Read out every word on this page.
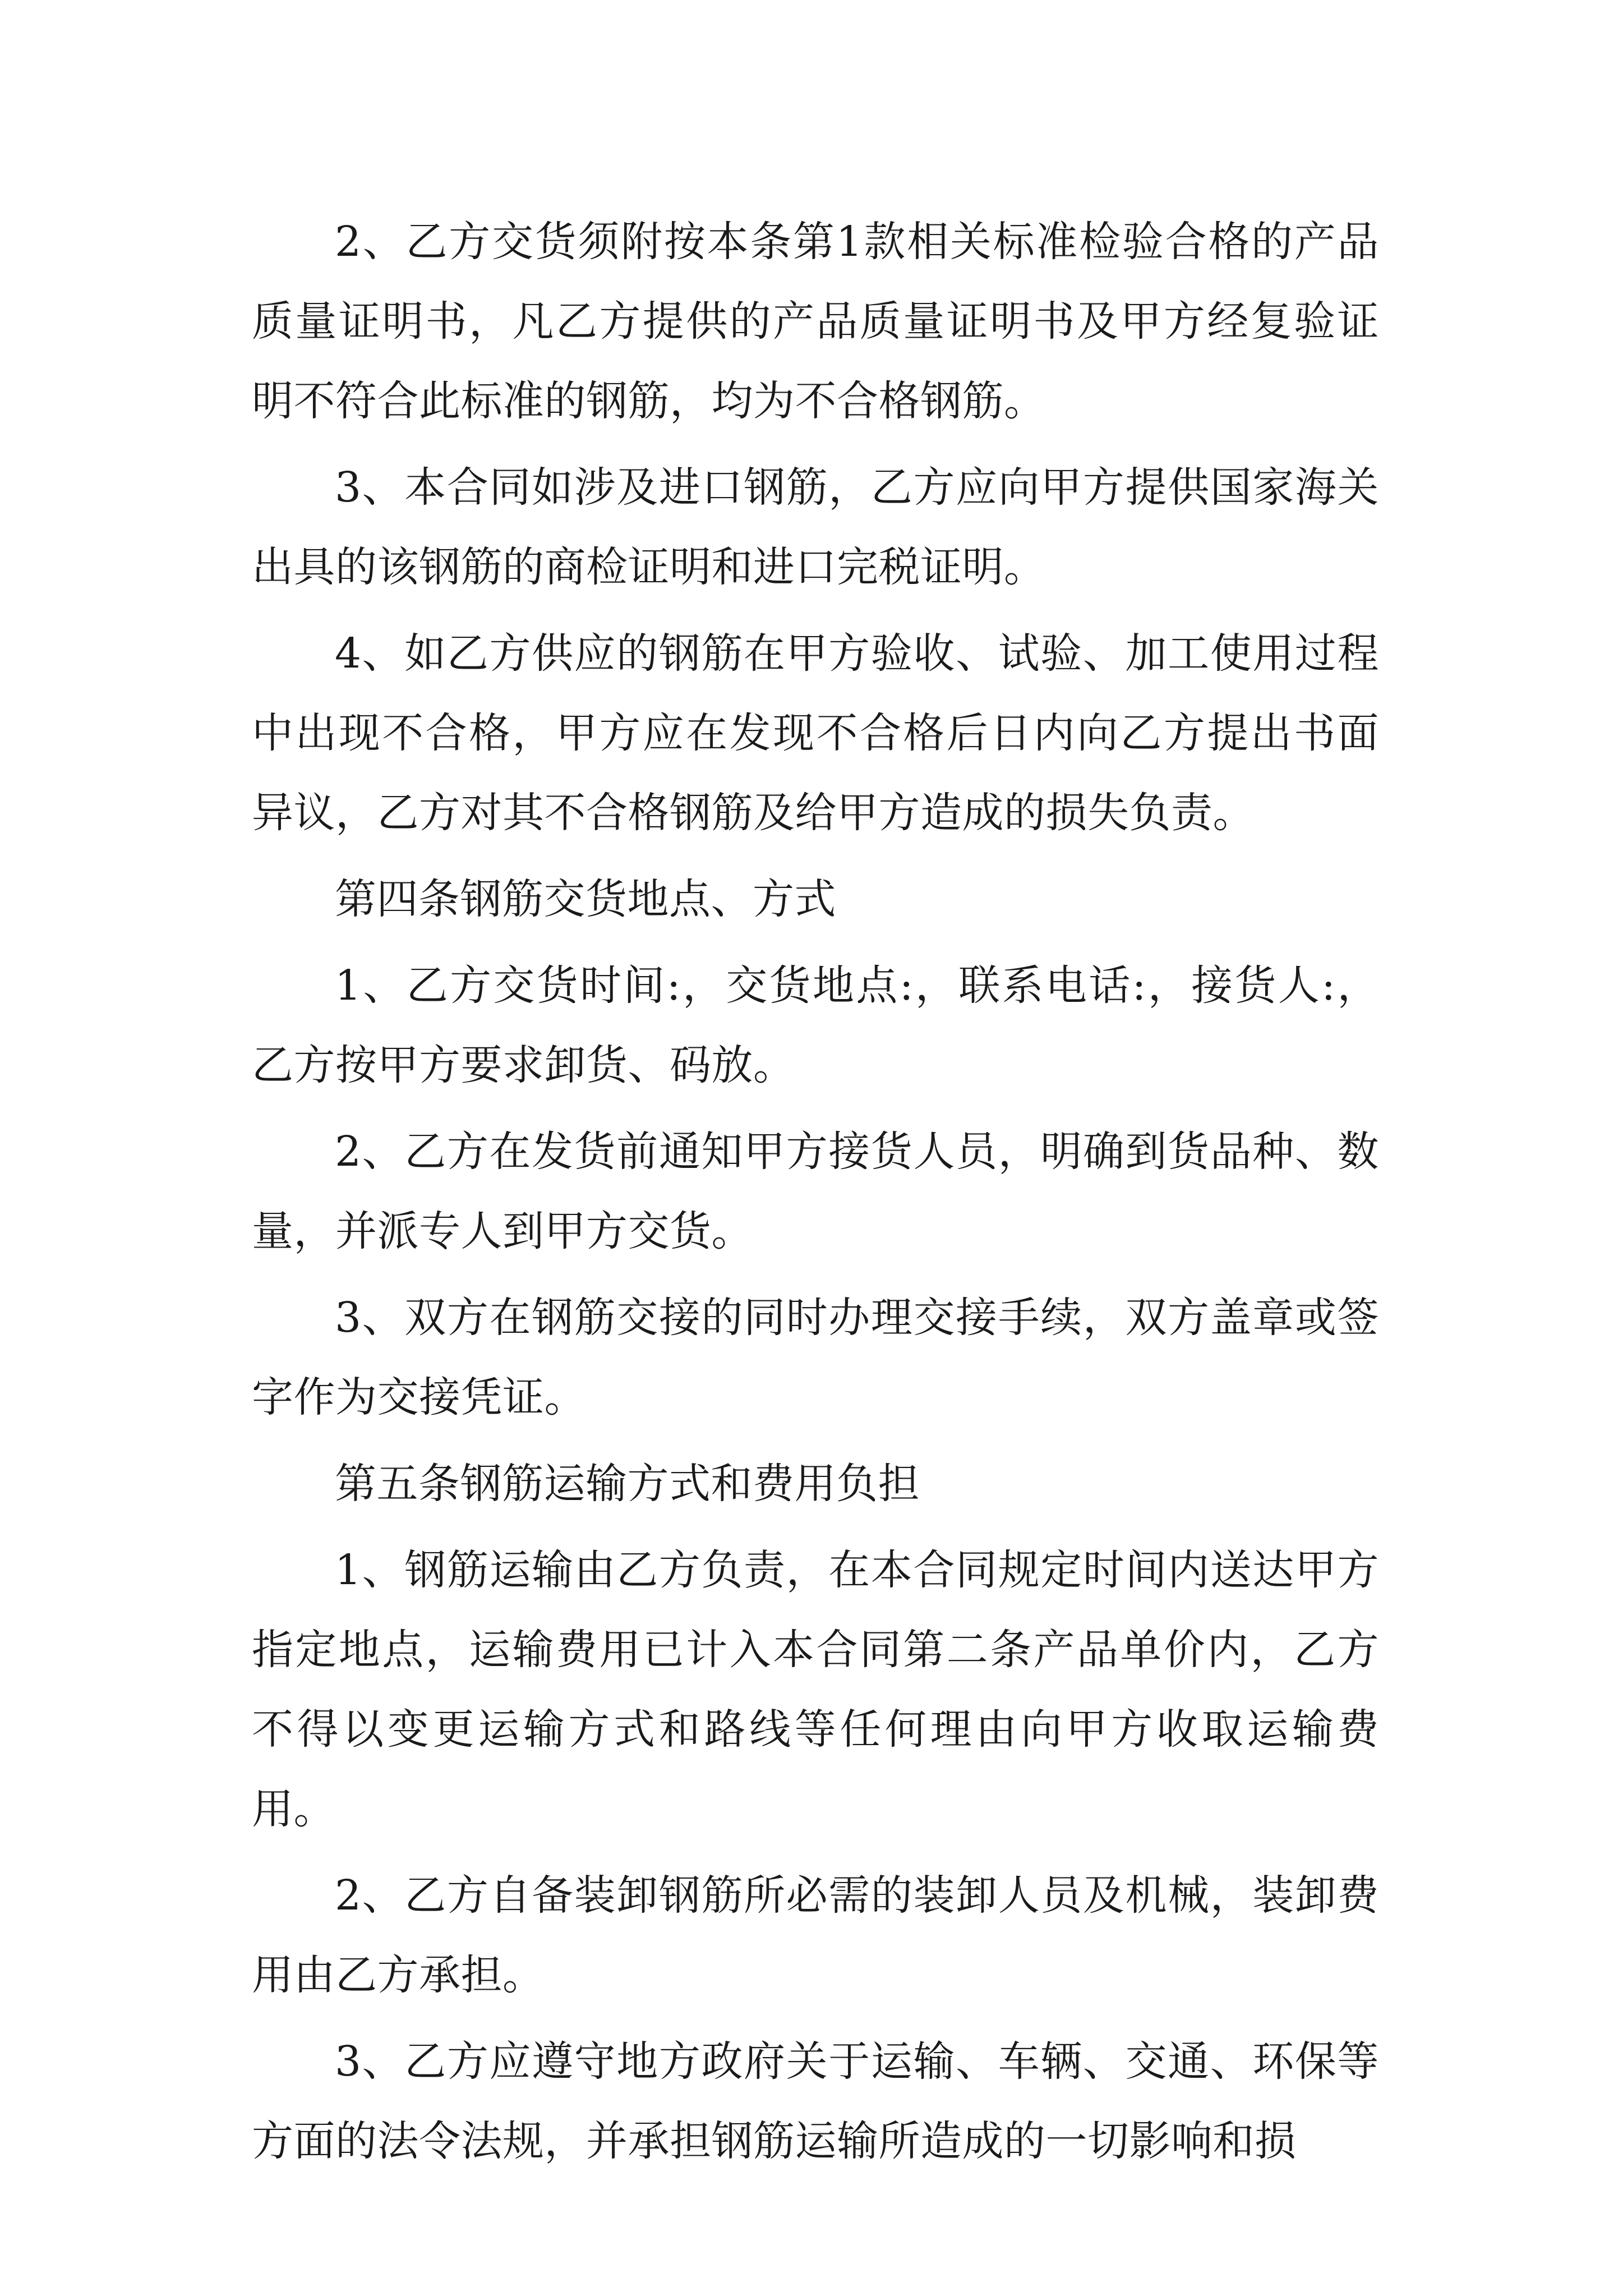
2、乙方交货须附按本条第1款相关标准检验合格的产品质量证明书，凡乙方提供的产品质量证明书及甲方经复验证明不符合此标准的钢筋，均为不合格钢筋。

3、本合同如涉及进口钢筋，乙方应向甲方提供国家海关出具的该钢筋的商检证明和进口完税证明。

4、如乙方供应的钢筋在甲方验收、试验、加工使用过程中出现不合格，甲方应在发现不合格后日内向乙方提出书面异议，乙方对其不合格钢筋及给甲方造成的损失负责。

第四条钢筋交货地点、方式

1、乙方交货时间:，交货地点:，联系电话:，接货人:，乙方按甲方要求卸货、码放。

2、乙方在发货前通知甲方接货人员，明确到货品种、数量，并派专人到甲方交货。

3、双方在钢筋交接的同时办理交接手续，双方盖章或签字作为交接凭证。

第五条钢筋运输方式和费用负担

1、钢筋运输由乙方负责，在本合同规定时间内送达甲方指定地点，运输费用已计入本合同第二条产品单价内，乙方不得以变更运输方式和路线等任何理由向甲方收取运输费用。

2、乙方自备装卸钢筋所必需的装卸人员及机械，装卸费用由乙方承担。

3、乙方应遵守地方政府关于运输、车辆、交通、环保等方面的法令法规，并承担钢筋运输所造成的一切影响和损
